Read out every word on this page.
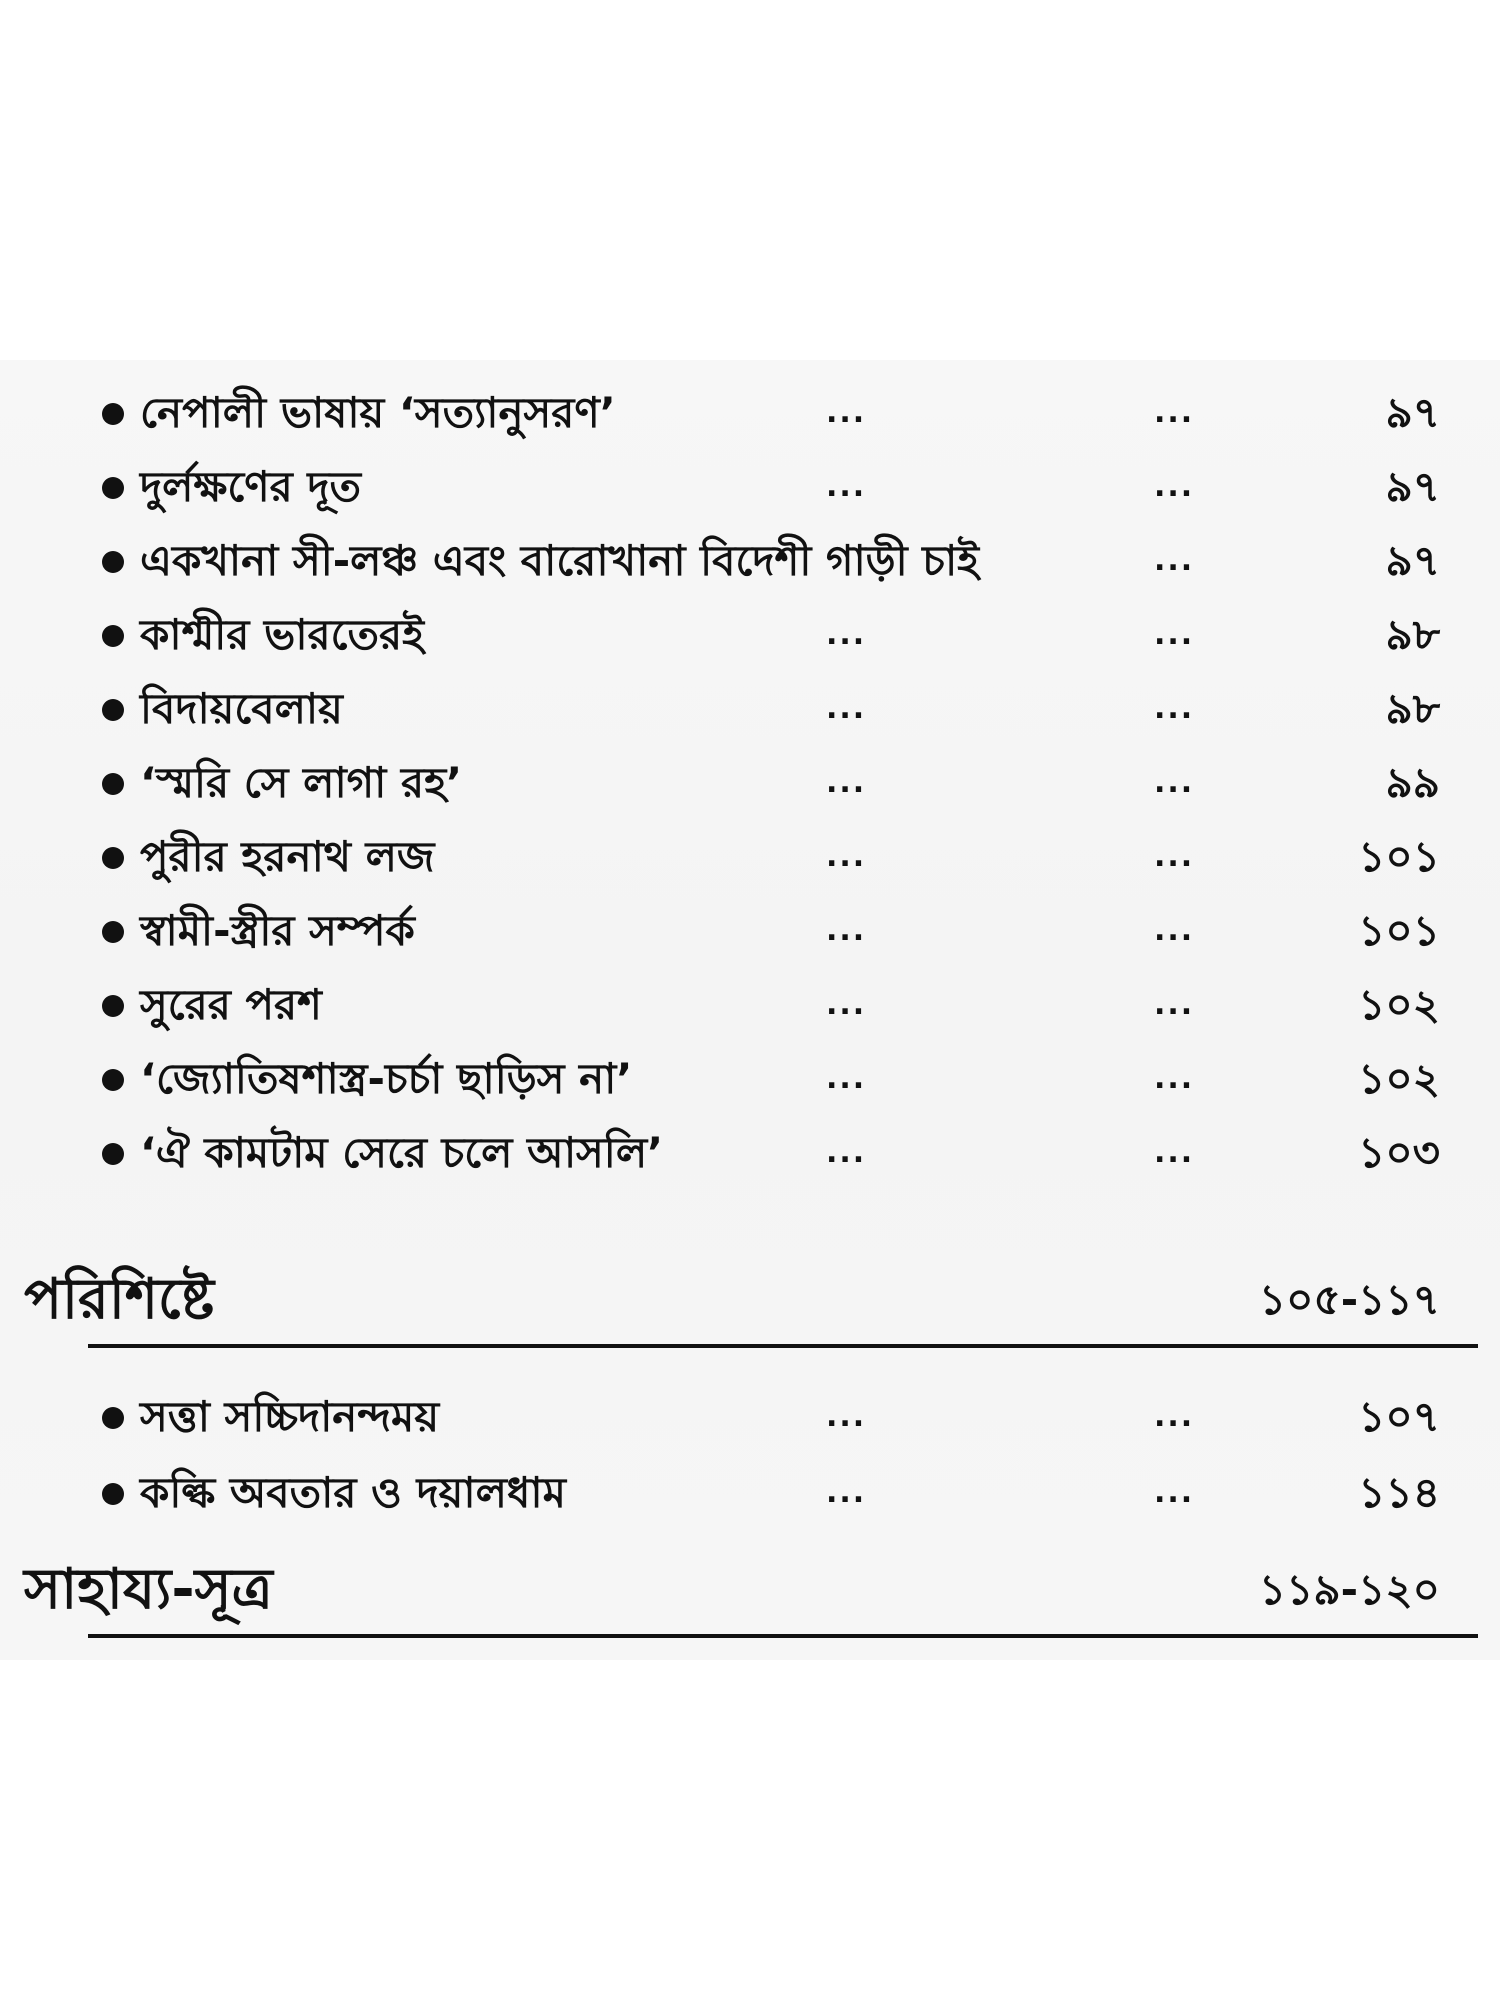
নেপালী ভাষায় ‘সত্যানুসরণ’	...	...	৯৭
দুর্লক্ষণের দূত	...	...	৯৭
একখানা সী-লঞ্চ এবং বারোখানা বিদেশী গাড়ী চাই	...	৯৭
কাশ্মীর ভারতেরই	...	...	৯৮
বিদায়বেলায়	...	...	৯৮
‘স্মরি সে লাগা রহ’	...	...	৯৯
পুরীর হরনাথ লজ	...	...	১০১
স্বামী-স্ত্রীর সম্পর্ক	...	...	১০১
সুরের পরশ	...	...	১০২
‘জ্যোতিষশাস্ত্র-চর্চা ছাড়িস না’	...	...	১০২
‘ঐ কামটাম সেরে চলে আসলি’	...	...	১০৩
পরিশিষ্টে	১০৫-১১৭
সত্তা সচ্চিদানন্দময়	...	...	১০৭
কল্কি অবতার ও দয়ালধাম	...	...	১১৪
সাহায্য-সূত্র	১১৯-১২০
